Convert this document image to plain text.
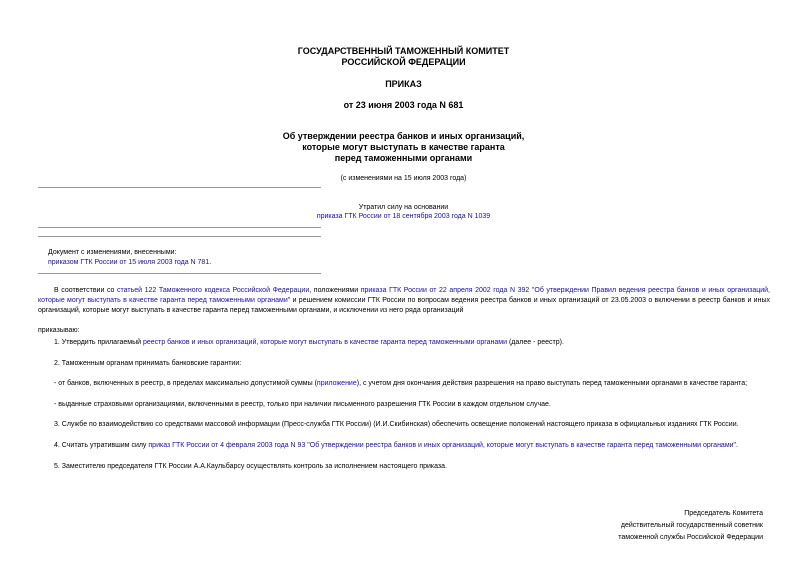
ГОСУДАРСТВЕННЫЙ ТАМОЖЕННЫЙ КОМИТЕТ
РОССИЙСКОЙ ФЕДЕРАЦИИ
ПРИКАЗ
от 23 июня 2003 года N 681
Об утверждении реестра банков и иных организаций,
которые могут выступать в качестве гаранта
перед таможенными органами
(с изменениями на 15 июля 2003 года)
Утратил силу на основании
приказа ГТК России от 18 сентября 2003 года N 1039
Документ с изменениями, внесенными:
приказом ГТК России от 15 июля 2003 года N 781.
В соответствии со статьей 122 Таможенного кодекса Российской Федерации, положениями приказа ГТК России от 22 апреля 2002 года N 392 "Об утверждении Правил ведения реестра банков и иных организаций, которые могут выступать в качестве гаранта перед таможенными органами" и решением комиссии ГТК России по вопросам ведения реестра банков и иных организаций от 23.05.2003 о включении в реестр банков и иных организаций, которые могут выступать в качестве гаранта перед таможенными органами, и исключении из него ряда организаций
приказываю:
1. Утвердить прилагаемый реестр банков и иных организаций, которые могут выступать в качестве гаранта перед таможенными органами (далее - реестр).
2. Таможенным органам принимать банковские гарантии:
- от банков, включенных в реестр, в пределах максимально допустимой суммы (приложение), с учетом дня окончания действия разрешения на право выступать перед таможенными органами в качестве гаранта;
- выданные страховыми организациями, включенными в реестр, только при наличии письменного разрешения ГТК России в каждом отдельном случае.
3. Службе по взаимодействию со средствами массовой информации (Пресс-служба ГТК России) (И.И.Скибинская) обеспечить освещение положений настоящего приказа в официальных изданиях ГТК России.
4. Считать утратившим силу приказ ГТК России от 4 февраля 2003 года N 93 "Об утверждении реестра банков и иных организаций, которые могут выступать в качестве гаранта перед таможенными органами".
5. Заместителю председателя ГТК России А.А.Каульбарсу осуществлять контроль за исполнением настоящего приказа.
Председатель Комитета
действительный государственный советник
таможенной службы Российской Федерации
